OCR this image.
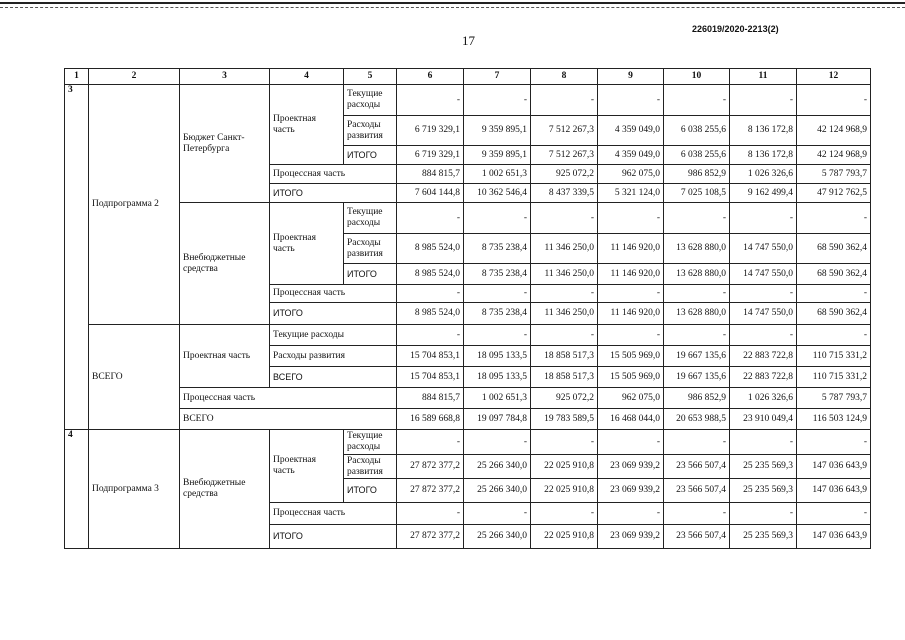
226019/2020-2213(2)
17
1	2	3	4	5	6	7	8	9	10	11	12
3	Подпрограмма 2	Бюджет Санкт-Петербурга	Проектная часть	Текущие расходы	-	-	-	-	-	-	-
				Расходы развития	6 719 329,1	9 359 895,1	7 512 267,3	4 359 049,0	6 038 255,6	8 136 172,8	42 124 968,9
				ИТОГО	6 719 329,1	9 359 895,1	7 512 267,3	4 359 049,0	6 038 255,6	8 136 172,8	42 124 968,9
			Процессная часть		884 815,7	1 002 651,3	925 072,2	962 075,0	986 852,9	1 026 326,6	5 787 793,7
			ИТОГО		7 604 144,8	10 362 546,4	8 437 339,5	5 321 124,0	7 025 108,5	9 162 499,4	47 912 762,5
		Внебюджетные средства	Проектная часть	Текущие расходы	-	-	-	-	-	-	-
				Расходы развития	8 985 524,0	8 735 238,4	11 346 250,0	11 146 920,0	13 628 880,0	14 747 550,0	68 590 362,4
				ИТОГО	8 985 524,0	8 735 238,4	11 346 250,0	11 146 920,0	13 628 880,0	14 747 550,0	68 590 362,4
			Процессная часть		-	-	-	-	-	-	-
			ИТОГО		8 985 524,0	8 735 238,4	11 346 250,0	11 146 920,0	13 628 880,0	14 747 550,0	68 590 362,4
	ВСЕГО	Проектная часть	Текущие расходы		-	-	-	-	-	-	-
			Расходы развития		15 704 853,1	18 095 133,5	18 858 517,3	15 505 969,0	19 667 135,6	22 883 722,8	110 715 331,2
			ВСЕГО		15 704 853,1	18 095 133,5	18 858 517,3	15 505 969,0	19 667 135,6	22 883 722,8	110 715 331,2
		Процессная часть			884 815,7	1 002 651,3	925 072,2	962 075,0	986 852,9	1 026 326,6	5 787 793,7
		ВСЕГО			16 589 668,8	19 097 784,8	19 783 589,5	16 468 044,0	20 653 988,5	23 910 049,4	116 503 124,9
4	Подпрограмма 3	Внебюджетные средства	Проектная часть	Текущие расходы	-	-	-	-	-	-	-
				Расходы развития	27 872 377,2	25 266 340,0	22 025 910,8	23 069 939,2	23 566 507,4	25 235 569,3	147 036 643,9
				ИТОГО	27 872 377,2	25 266 340,0	22 025 910,8	23 069 939,2	23 566 507,4	25 235 569,3	147 036 643,9
			Процессная часть		-	-	-	-	-	-	-
			ИТОГО		27 872 377,2	25 266 340,0	22 025 910,8	23 069 939,2	23 566 507,4	25 235 569,3	147 036 643,9
